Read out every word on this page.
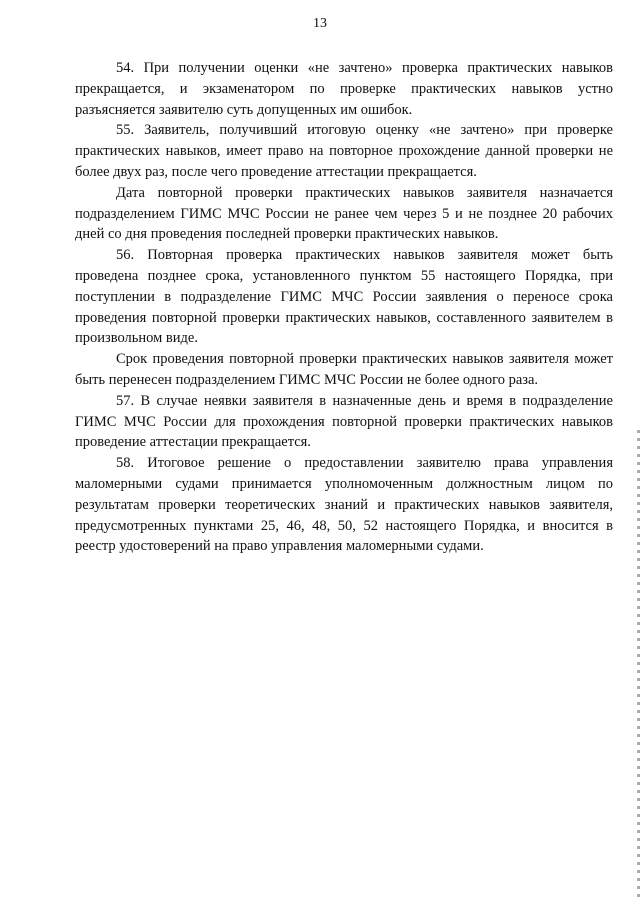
13

54. При получении оценки «не зачтено» проверка практических навыков прекращается, и экзаменатором по проверке практических навыков устно разъясняется заявителю суть допущенных им ошибок.

55. Заявитель, получивший итоговую оценку «не зачтено» при проверке практических навыков, имеет право на повторное прохождение данной проверки не более двух раз, после чего проведение аттестации прекращается.

Дата повторной проверки практических навыков заявителя назначается подразделением ГИМС МЧС России не ранее чем через 5 и не позднее 20 рабочих дней со дня проведения последней проверки практических навыков.

56. Повторная проверка практических навыков заявителя может быть проведена позднее срока, установленного пунктом 55 настоящего Порядка, при поступлении в подразделение ГИМС МЧС России заявления о переносе срока проведения повторной проверки практических навыков, составленного заявителем в произвольном виде.

Срок проведения повторной проверки практических навыков заявителя может быть перенесен подразделением ГИМС МЧС России не более одного раза.

57. В случае неявки заявителя в назначенные день и время в подразделение ГИМС МЧС России для прохождения повторной проверки практических навыков проведение аттестации прекращается.

58. Итоговое решение о предоставлении заявителю права управления маломерными судами принимается уполномоченным должностным лицом по результатам проверки теоретических знаний и практических навыков заявителя, предусмотренных пунктами 25, 46, 48, 50, 52 настоящего Порядка, и вносится в реестр удостоверений на право управления маломерными судами.
